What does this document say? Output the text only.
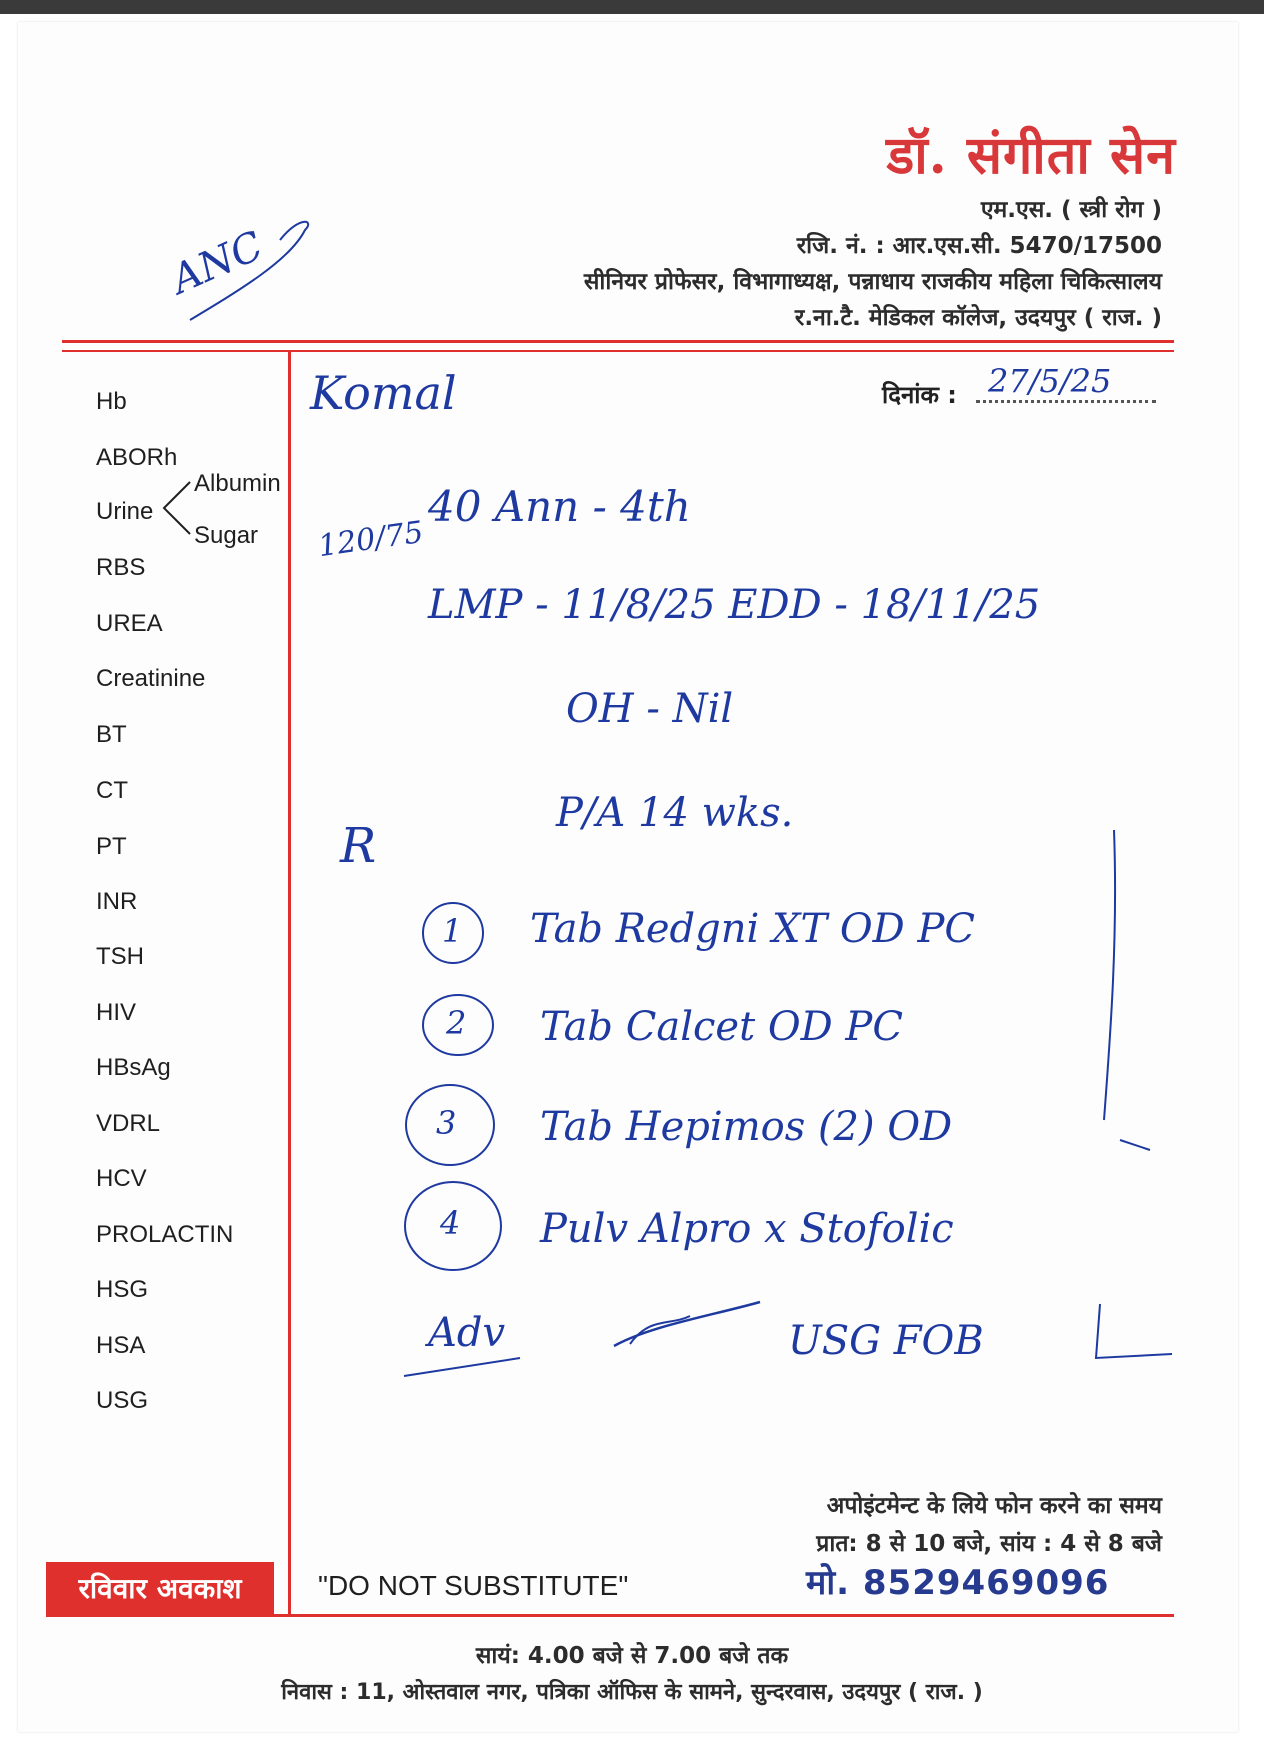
डॉ. संगीता सेन
एम.एस. ( स्त्री रोग )
रजि. नं. : आर.एस.सी. 5470/17500
सीनियर प्रोफेसर, विभागाध्यक्ष, पन्नाधाय राजकीय महिला चिकित्सालय
र.ना.टै. मेडिकल कॉलेज, उदयपुर ( राज. )
ANC
Hb
ABORh
Urine
RBS
UREA
Creatinine
BT
CT
PT
INR
TSH
HIV
HBsAg
VDRL
HCV
PROLACTIN
HSG
HSA
USG
Albumin
Sugar
Komal	दिनांक : 27/5/25
120/75
40 Ann - 4th
LMP - 11/8/25 EDD - 18/11/25
OH - Nil
P/A 14 wks.
R
1 Tab Redgni XT OD PC
2 Tab Calcet OD PC
3 Tab Hepimos (2) OD
4 Pulv Alpro x Stofolic
Adv	USG FOB
अपोइंटमेन्ट के लिये फोन करने का समय
प्रात: 8 से 10 बजे, सांय : 4 से 8 बजे
मो. 8529469096
रविवार अवकाश	"DO NOT SUBSTITUTE"
सायं: 4.00 बजे से 7.00 बजे तक
निवास : 11, ओस्तवाल नगर, पत्रिका ऑफिस के सामने, सुन्दरवास, उदयपुर ( राज. )
